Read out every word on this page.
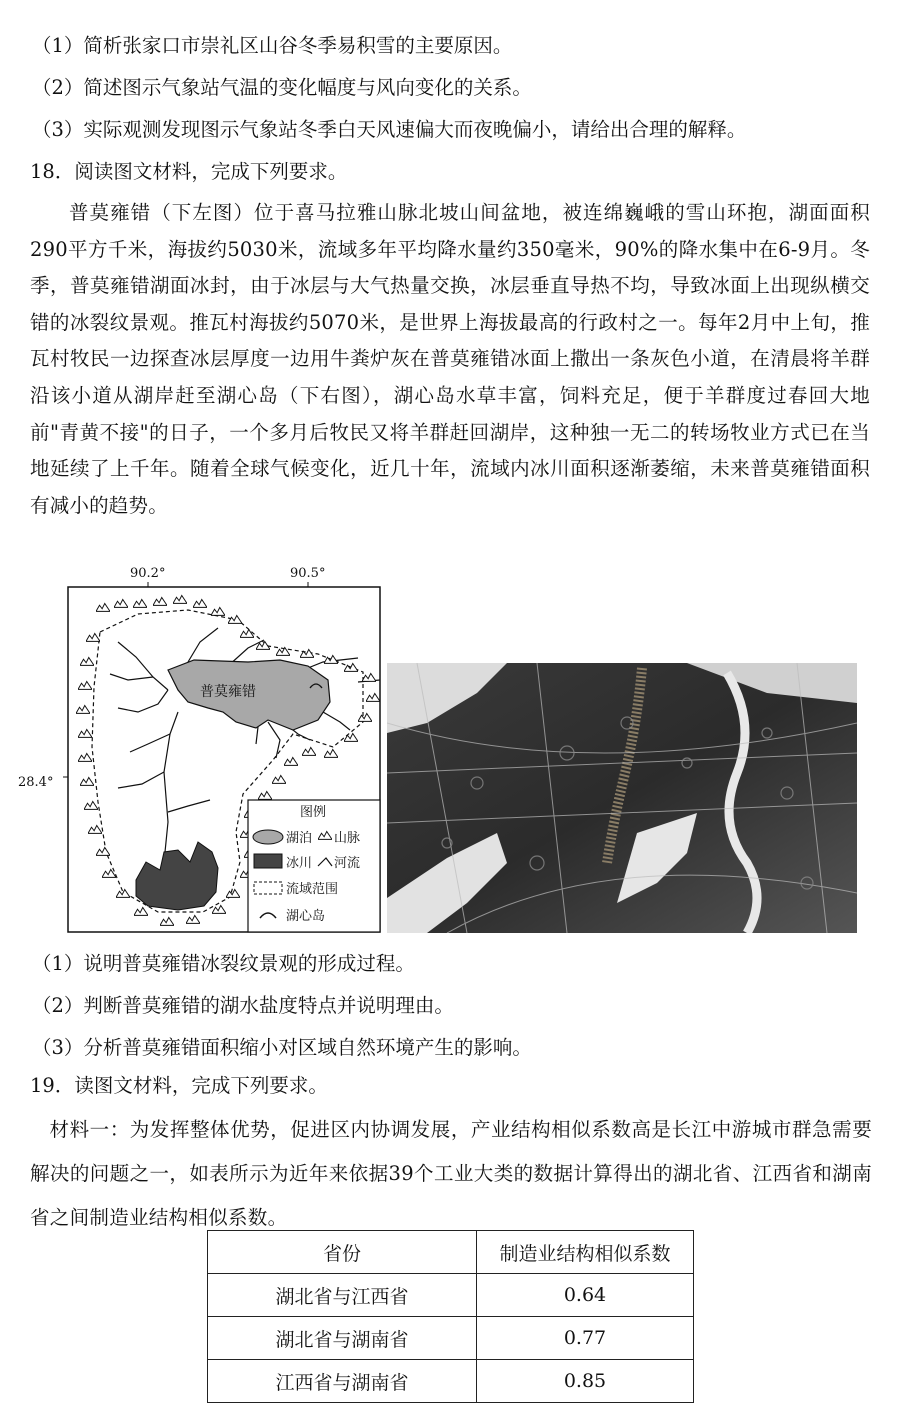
（1）简析张家口市崇礼区山谷冬季易积雪的主要原因。
（2）简述图示气象站气温的变化幅度与风向变化的关系。
（3）实际观测发现图示气象站冬季白天风速偏大而夜晚偏小，请给出合理的解释。
18．阅读图文材料，完成下列要求。
普莫雍错（下左图）位于喜马拉雅山脉北坡山间盆地，被连绵巍峨的雪山环抱，湖面面积290平方千米，海拔约5030米，流域多年平均降水量约350毫米，90%的降水集中在6-9月。冬季，普莫雍错湖面冰封，由于冰层与大气热量交换，冰层垂直导热不均，导致冰面上出现纵横交错的冰裂纹景观。推瓦村海拔约5070米，是世界上海拔最高的行政村之一。每年2月中上旬，推瓦村牧民一边探查冰层厚度一边用牛粪炉灰在普莫雍错冰面上撒出一条灰色小道，在清晨将羊群沿该小道从湖岸赶至湖心岛（下右图），湖心岛水草丰富，饲料充足，便于羊群度过春回大地前"青黄不接"的日子，一个多月后牧民又将羊群赶回湖岸，这种独一无二的转场牧业方式已在当地延续了上千年。随着全球气候变化，近几十年，流域内冰川面积逐渐萎缩，未来普莫雍错面积有减小的趋势。
90.2°	90.5°
28.4°
普莫雍错
图例
湖泊 山脉
冰川 河流
流域范围
湖心岛
（1）说明普莫雍错冰裂纹景观的形成过程。
（2）判断普莫雍错的湖水盐度特点并说明理由。
（3）分析普莫雍错面积缩小对区域自然环境产生的影响。
19．读图文材料，完成下列要求。
材料一：为发挥整体优势，促进区内协调发展，产业结构相似系数高是长江中游城市群急需要解决的问题之一，如表所示为近年来依据39个工业大类的数据计算得出的湖北省、江西省和湖南省之间制造业结构相似系数。
省份	制造业结构相似系数
湖北省与江西省	0.64
湖北省与湖南省	0.77
江西省与湖南省	0.85
